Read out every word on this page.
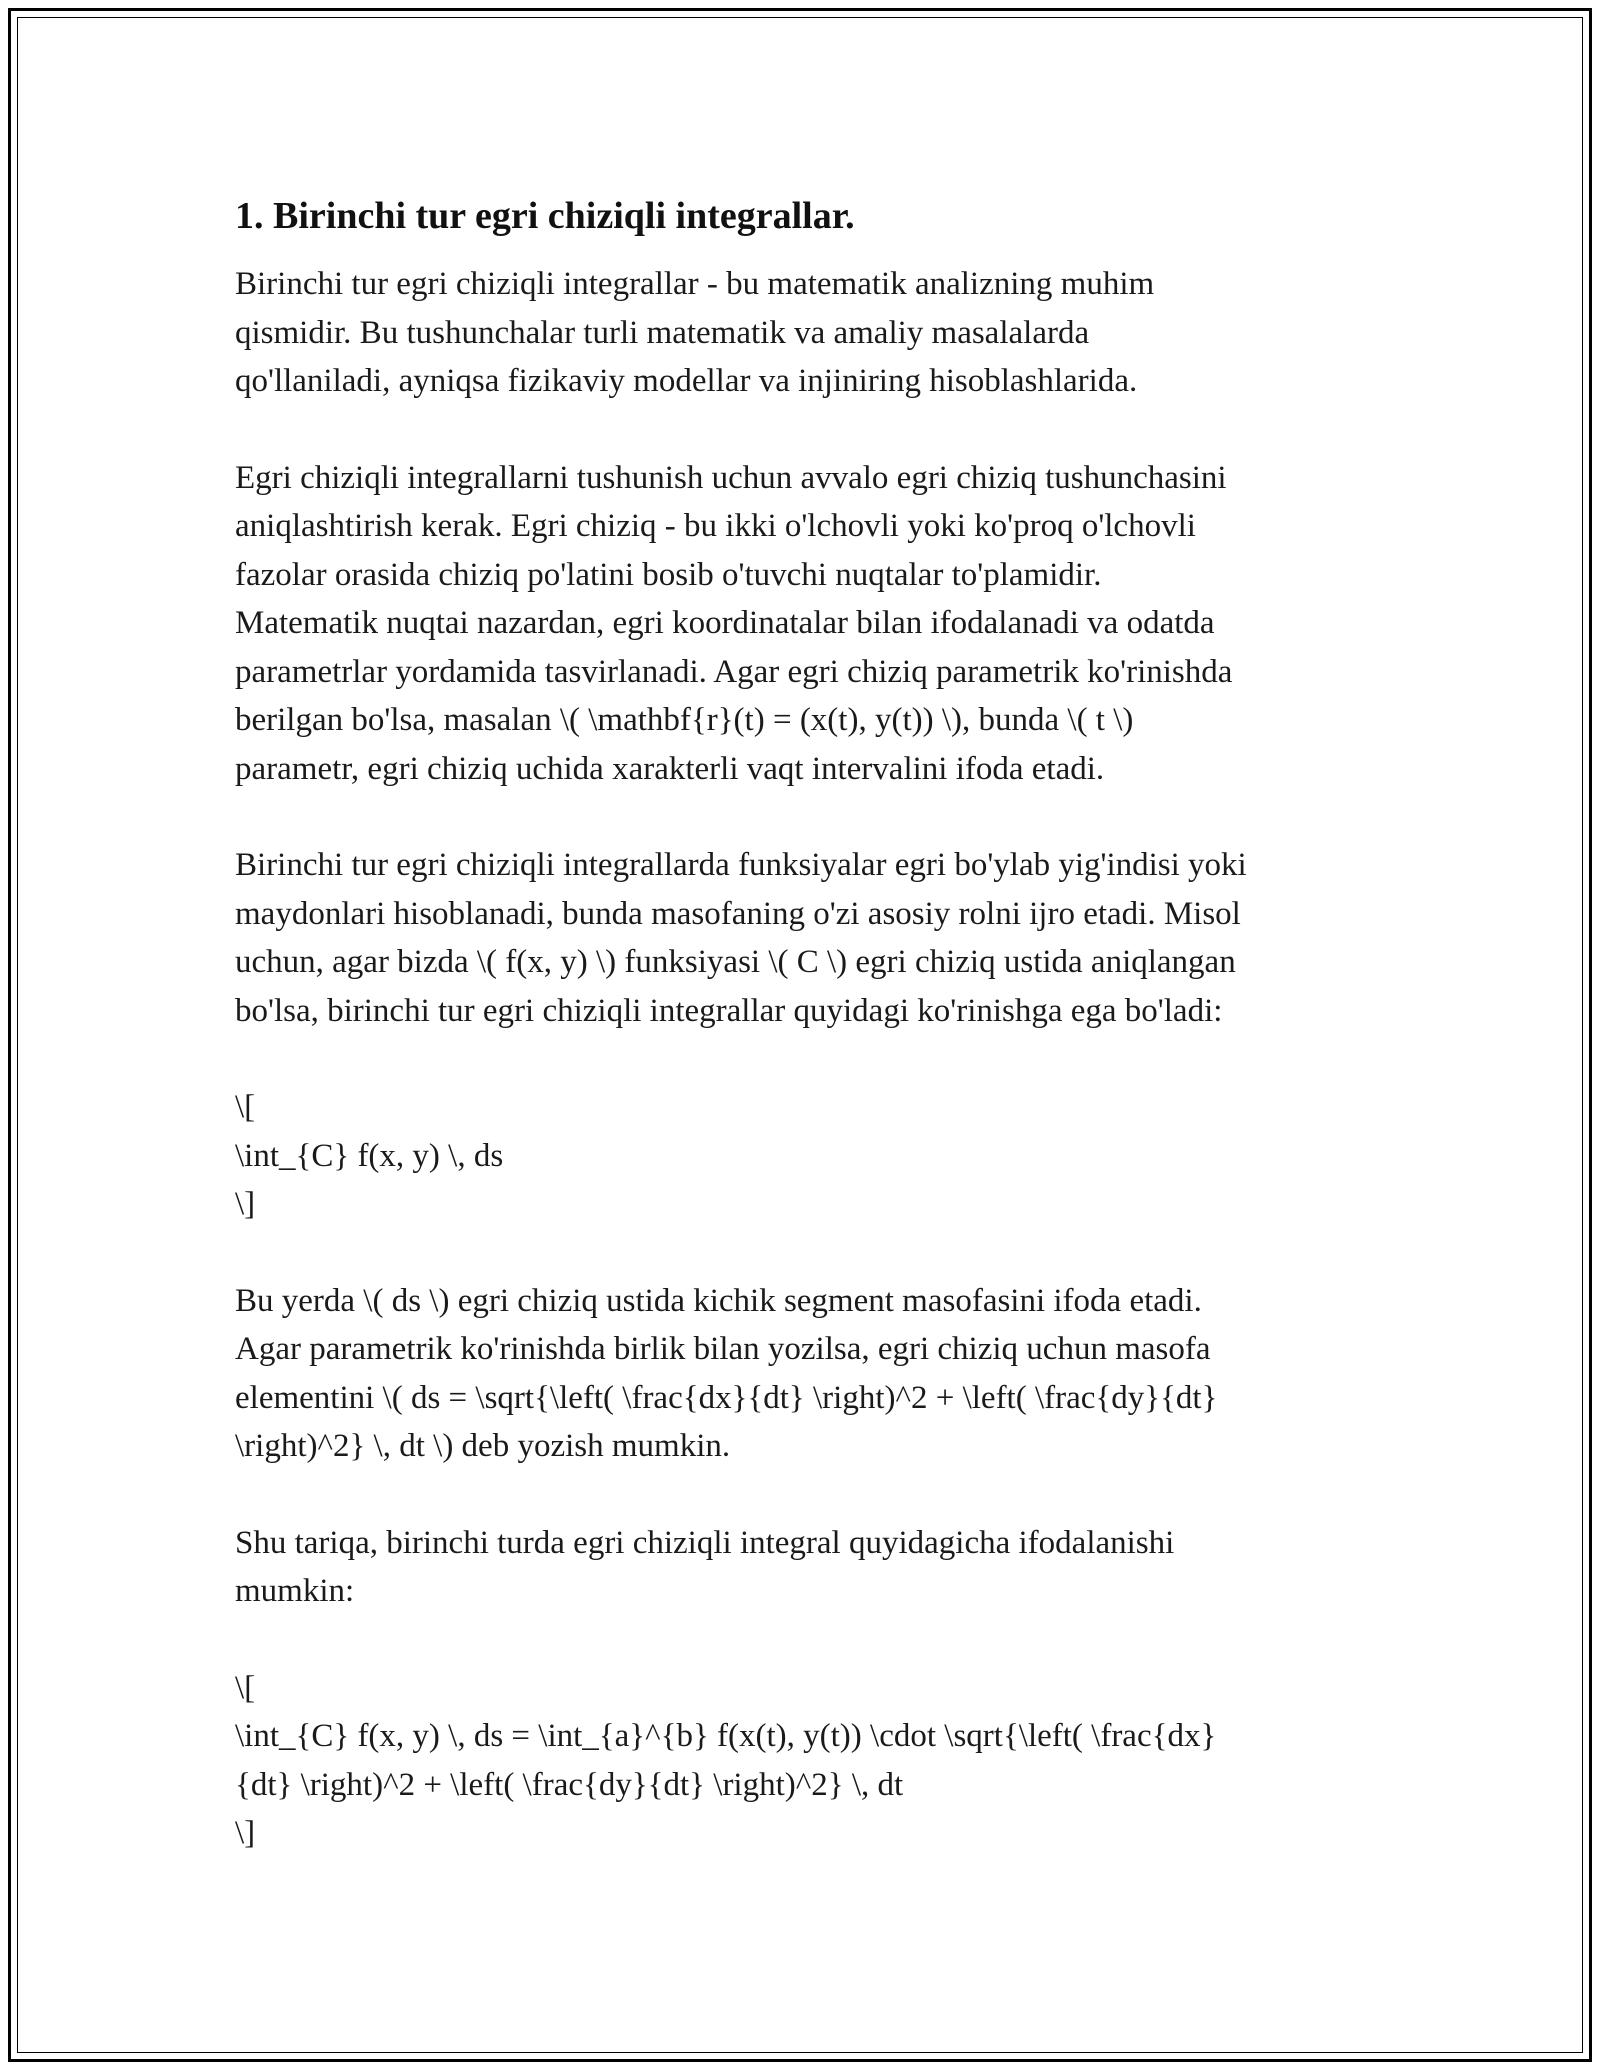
1. Birinchi tur egri chiziqli integrallar.
Birinchi tur egri chiziqli integrallar - bu matematik analizning muhim
qismidir. Bu tushunchalar turli matematik va amaliy masalalarda
qo'llaniladi, ayniqsa fizikaviy modellar va injiniring hisoblashlarida.
Egri chiziqli integrallarni tushunish uchun avvalo egri chiziq tushunchasini
aniqlashtirish kerak. Egri chiziq - bu ikki o'lchovli yoki ko'proq o'lchovli
fazolar orasida chiziq po'latini bosib o'tuvchi nuqtalar to'plamidir.
Matematik nuqtai nazardan, egri koordinatalar bilan ifodalanadi va odatda
parametrlar yordamida tasvirlanadi. Agar egri chiziq parametrik ko'rinishda
berilgan bo'lsa, masalan \( \mathbf{r}(t) = (x(t), y(t)) \), bunda \( t \)
parametr, egri chiziq uchida xarakterli vaqt intervalini ifoda etadi.
Birinchi tur egri chiziqli integrallarda funksiyalar egri bo'ylab yig'indisi yoki
maydonlari hisoblanadi, bunda masofaning o'zi asosiy rolni ijro etadi. Misol
uchun, agar bizda \( f(x, y) \) funksiyasi \( C \) egri chiziq ustida aniqlangan
bo'lsa, birinchi tur egri chiziqli integrallar quyidagi ko'rinishga ega bo'ladi:
\[
\int_{C} f(x, y) \, ds
\]
Bu yerda \( ds \) egri chiziq ustida kichik segment masofasini ifoda etadi.
Agar parametrik ko'rinishda birlik bilan yozilsa, egri chiziq uchun masofa
elementini \( ds = \sqrt{\left( \frac{dx}{dt} \right)^2 + \left( \frac{dy}{dt}
\right)^2} \, dt \) deb yozish mumkin.
Shu tariqa, birinchi turda egri chiziqli integral quyidagicha ifodalanishi
mumkin:
\[
\int_{C} f(x, y) \, ds = \int_{a}^{b} f(x(t), y(t)) \cdot \sqrt{\left( \frac{dx}
{dt} \right)^2 + \left( \frac{dy}{dt} \right)^2} \, dt
\]
